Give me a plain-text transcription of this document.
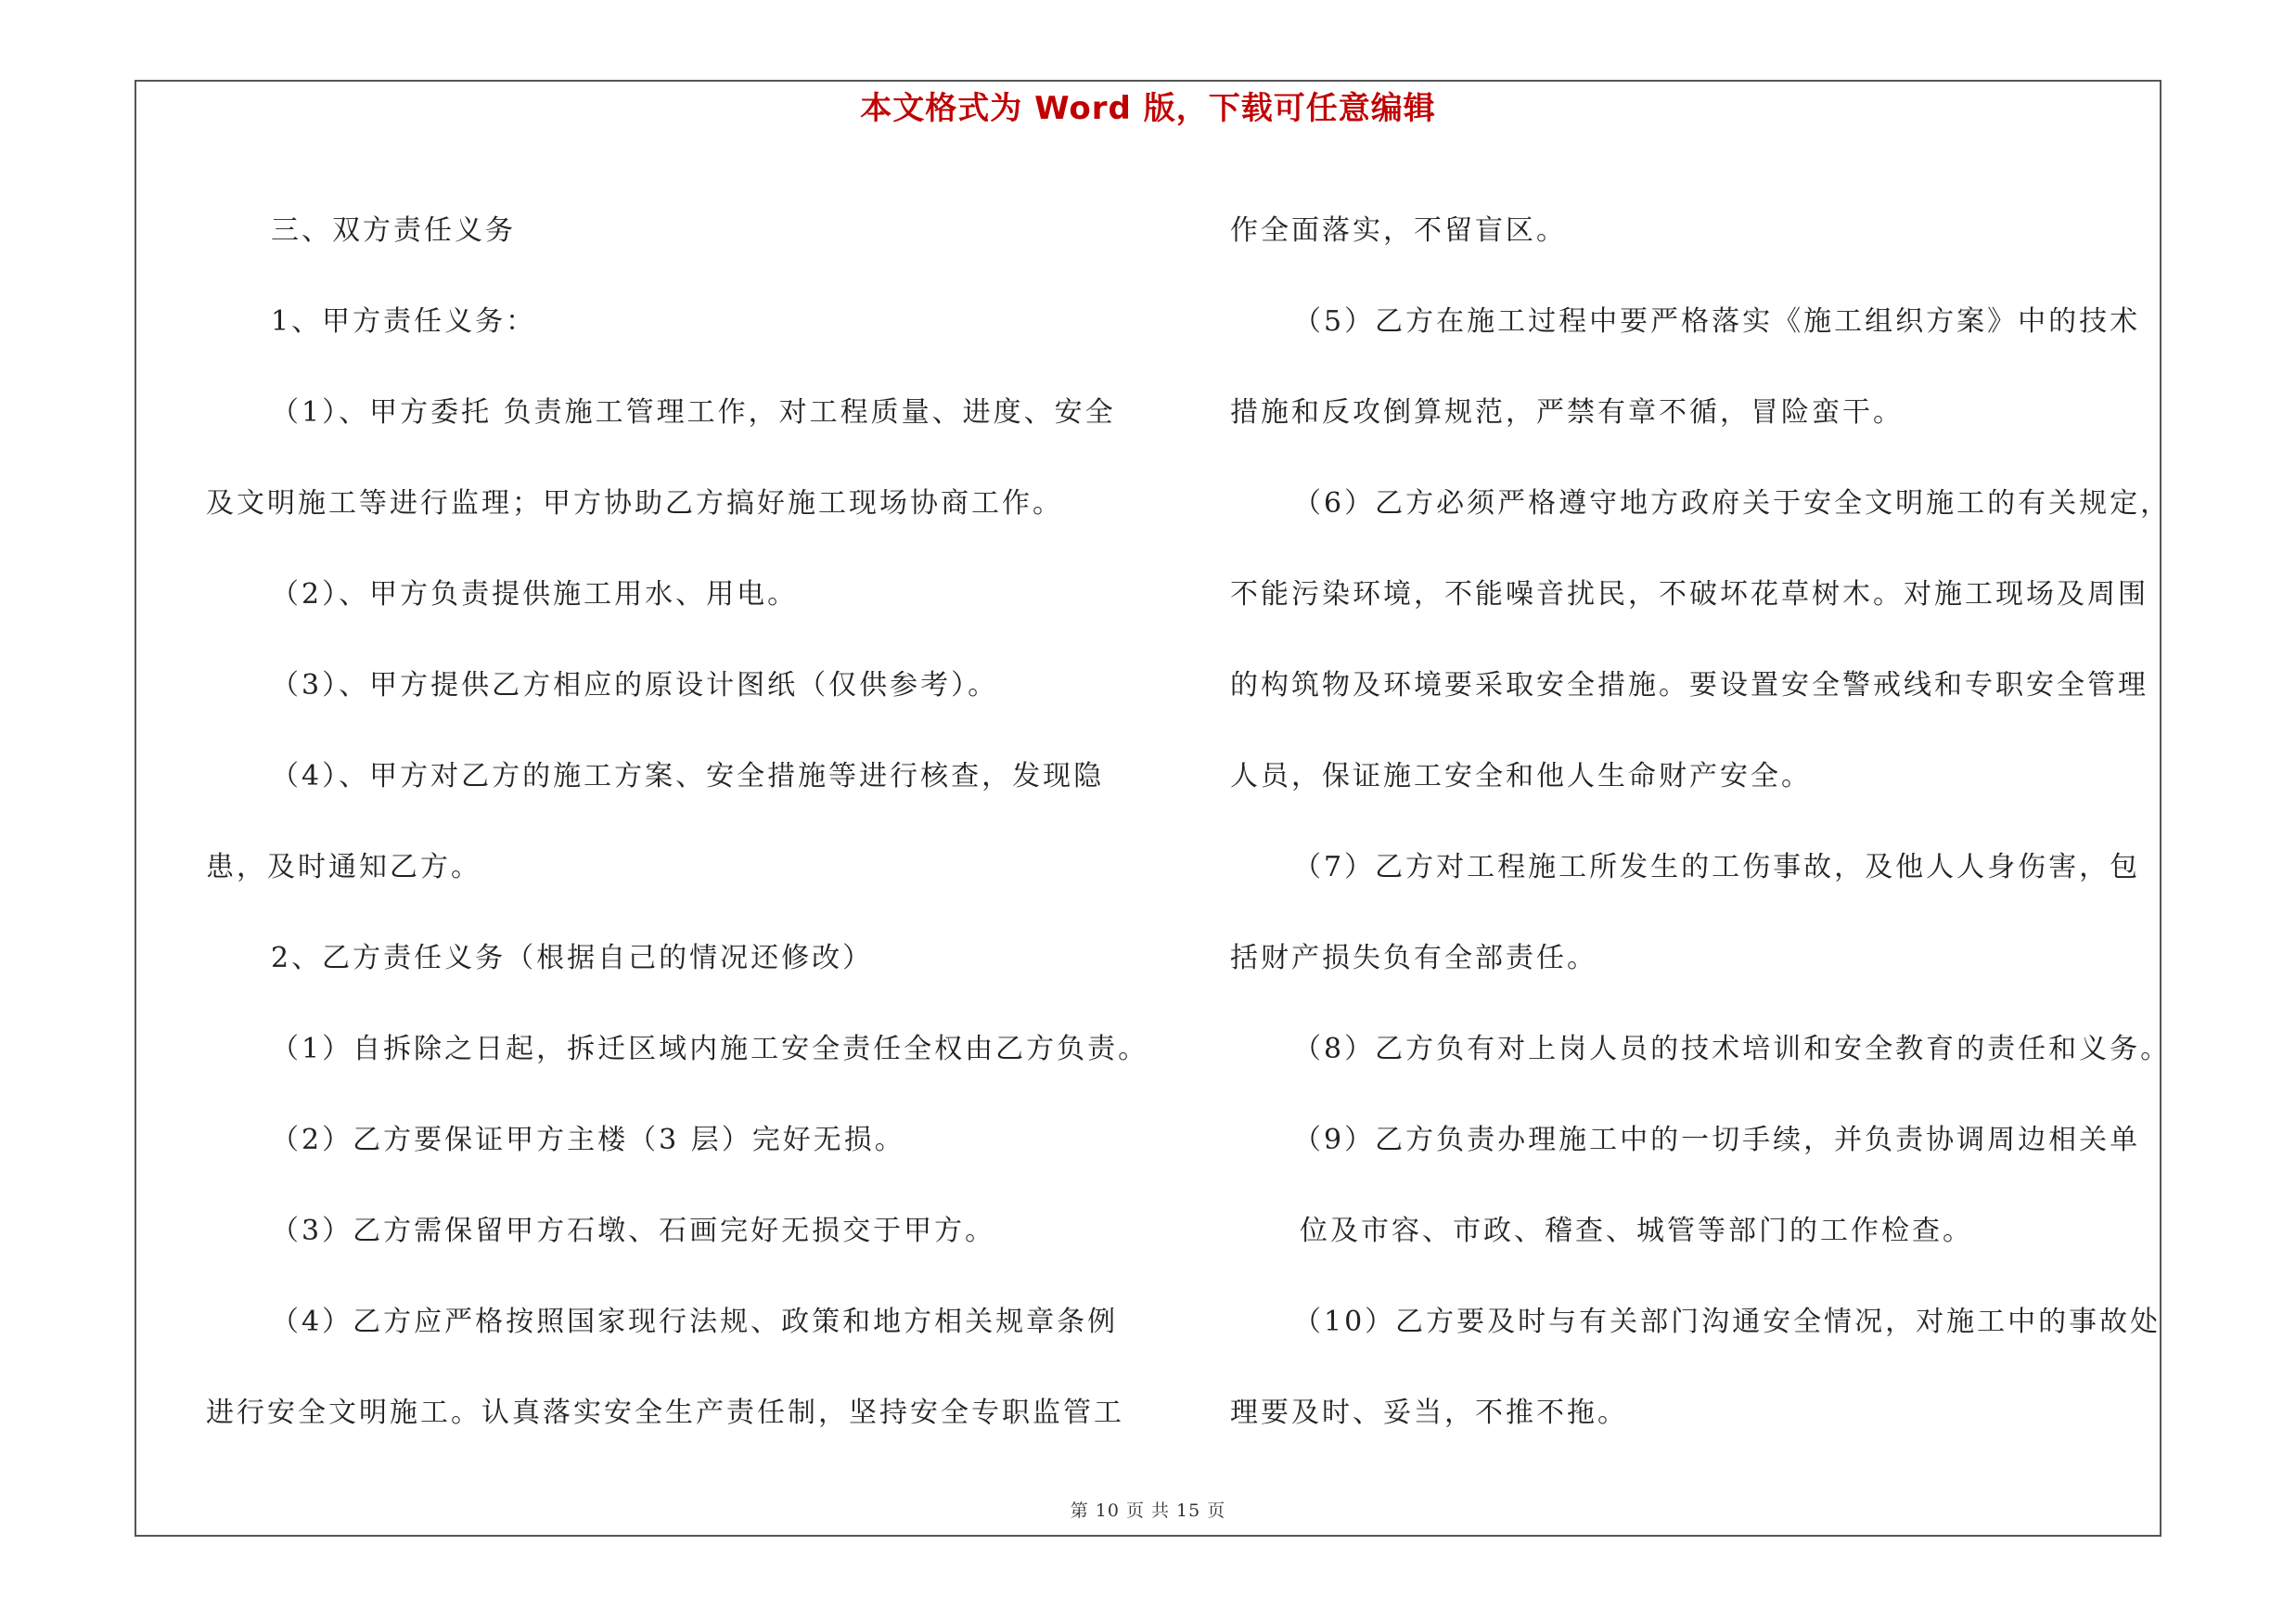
本文格式为 Word 版，下载可任意编辑
三、双方责任义务
1、甲方责任义务：
（1）、甲方委托 负责施工管理工作，对工程质量、进度、安全
及文明施工等进行监理；甲方协助乙方搞好施工现场协商工作。
（2）、甲方负责提供施工用水、用电。
（3）、甲方提供乙方相应的原设计图纸（仅供参考）。
（4）、甲方对乙方的施工方案、安全措施等进行核查，发现隐
患，及时通知乙方。
2、乙方责任义务（根据自己的情况还修改）
（1）自拆除之日起，拆迁区域内施工安全责任全权由乙方负责。
（2）乙方要保证甲方主楼（3 层）完好无损。
（3）乙方需保留甲方石墩、石画完好无损交于甲方。
（4）乙方应严格按照国家现行法规、政策和地方相关规章条例
进行安全文明施工。认真落实安全生产责任制，坚持安全专职监管工
作全面落实，不留盲区。
（5）乙方在施工过程中要严格落实《施工组织方案》中的技术
措施和反攻倒算规范，严禁有章不循，冒险蛮干。
（6）乙方必须严格遵守地方政府关于安全文明施工的有关规定，
不能污染环境，不能噪音扰民，不破坏花草树木。对施工现场及周围
的构筑物及环境要采取安全措施。要设置安全警戒线和专职安全管理
人员，保证施工安全和他人生命财产安全。
（7）乙方对工程施工所发生的工伤事故，及他人人身伤害，包
括财产损失负有全部责任。
（8）乙方负有对上岗人员的技术培训和安全教育的责任和义务。
（9）乙方负责办理施工中的一切手续，并负责协调周边相关单
位及市容、市政、稽查、城管等部门的工作检查。
（10）乙方要及时与有关部门沟通安全情况，对施工中的事故处
理要及时、妥当，不推不拖。
第 10 页 共 15 页
